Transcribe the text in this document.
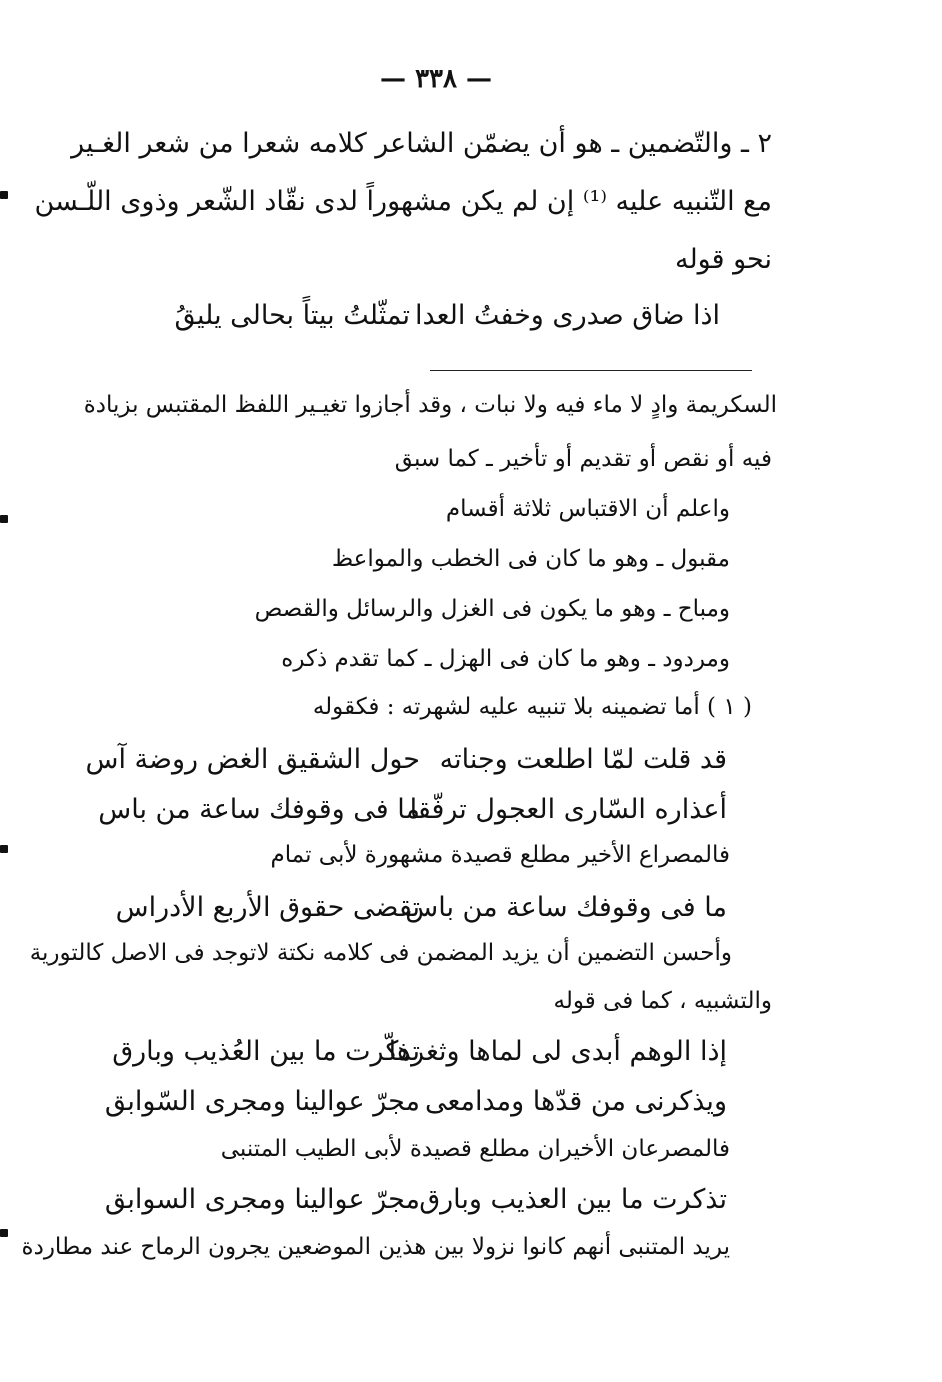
— ٣٣٨ —
٢ ـ والتّضمين ـ هو أن يضمّن الشاعر كلامه شعرا من شعر الغـير
مع التّنبيه عليه ⁽¹⁾ إن لم يكن مشهوراً لدى نقّاد الشّعر وذوى اللّـسن
نحو قوله
اذا ضاق صدرى وخفتُ العدا
تمثّلتُ بيتاً بحالى يليقُ
السكريمة وادٍ لا ماء فيه ولا نبات ، وقد أجازوا تغيـير اللفظ المقتبس بزيادة
فيه أو نقص أو تقديم أو تأخير ـ كما سبق
واعلم أن الاقتباس ثلاثة أقسام
مقبول ـ وهو ما كان فى الخطب والمواعظ
ومباح ـ وهو ما يكون فى الغزل والرسائل والقصص
ومردود ـ وهو ما كان فى الهزل ـ كما تقدم ذكره
( ١ ) أما تضمينه بلا تنبيه عليه لشهرته : فكقوله
قد قلت لمّا اطلعت وجناته
حول الشقيق الغض روضة آس
أعذاره السّارى العجول ترفّقا
ما فى وقوفك ساعة من باس
فالمصراع الأخير مطلع قصيدة مشهورة لأبى تمام
ما فى وقوفك ساعة من باس
تقضى حقوق الأربع الأدراس
وأحسن التضمين أن يزيد المضمن فى كلامه نكتة لاتوجد فى الاصل كالتورية
والتشبيه ، كما فى قوله
إذا الوهم أبدى لى لماها وثغرها
تذكّرت ما بين العُذيب وبارق
ويذكرنى من قدّها ومدامعى
مجرّ عوالينا ومجرى السّوابق
فالمصرعان الأخيران مطلع قصيدة لأبى الطيب المتنبى
تذكرت ما بين العذيب وبارق
مجرّ عوالينا ومجرى السوابق
يريد المتنبى أنهم كانوا نزولا بين هذين الموضعين يجرون الرماح عند مطاردة
